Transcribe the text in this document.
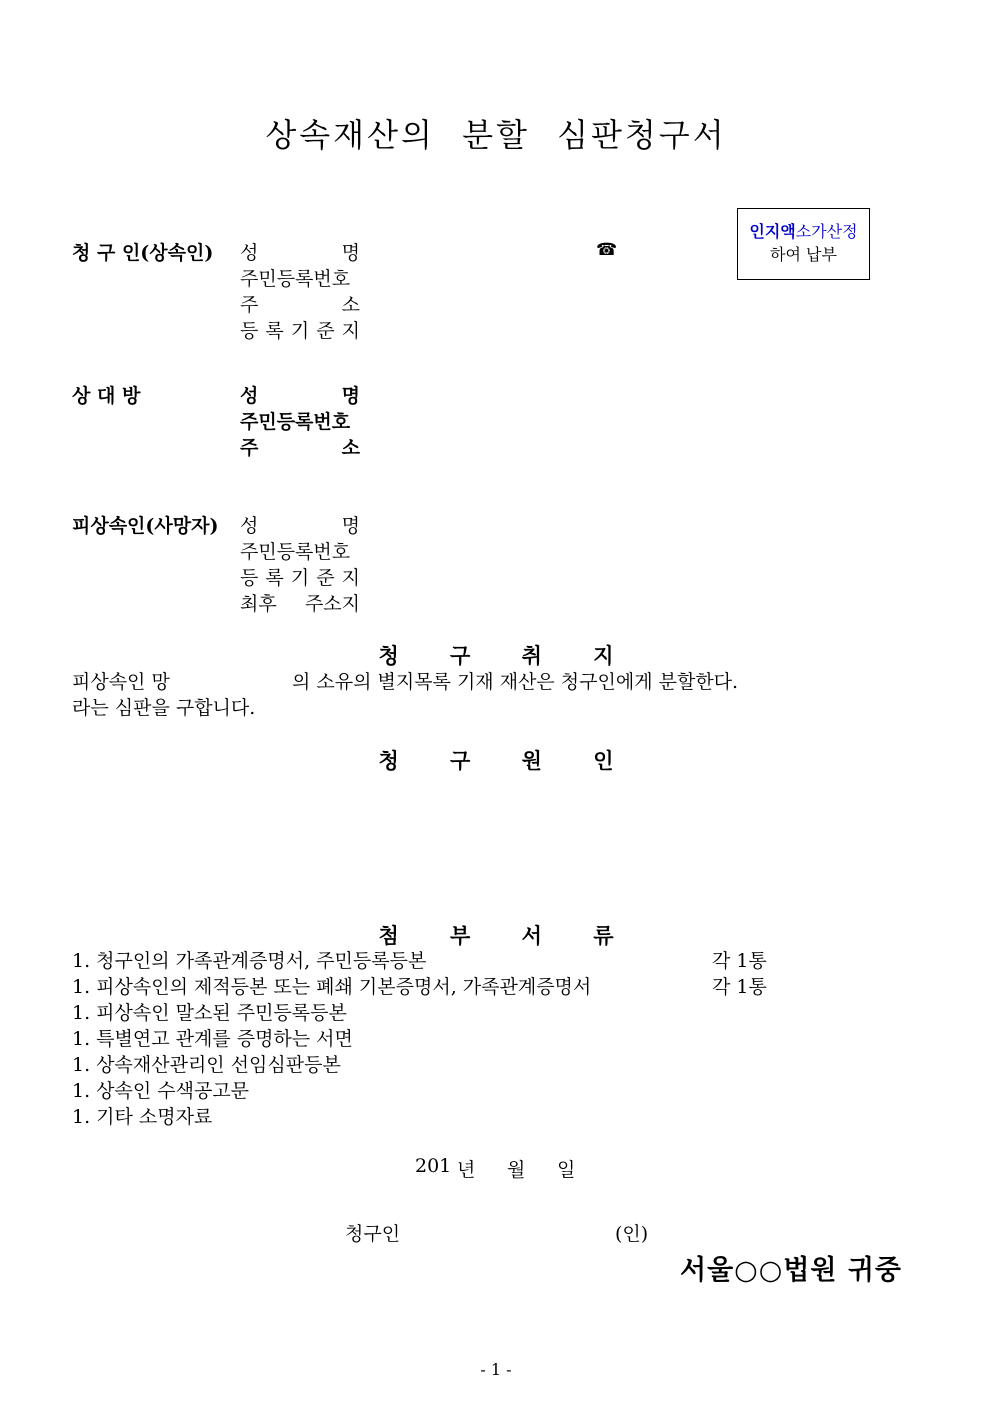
상속재산의 분할 심판청구서
인지액소가산정
하여 납부
청 구 인(상속인)	☎
성	명
주민등록번호
주	소
등 록 기 준 지
상 대 방	성	명
주민등록번호
주	소
피상속인(사망자) 성	명
주민등록번호
등 록 기 준 지
최후 주소지
청 구 취 지
피상속인 망	의 소유의 별지목록 기재 재산은 청구인에게 분할한다.
라는 심판을 구합니다.
청 구 원 인
첨 부 서 류
1. 청구인의 가족관계증명서, 주민등록등본	각 1통
1. 피상속인의 제적등본 또는 폐쇄 기본증명서, 가족관계증명서	각 1통
1. 피상속인 말소된 주민등록등본
1. 특별연고 관계를 증명하는 서면
1. 상속재산관리인 선임심판등본
1. 상속인 수색공고문
1. 기타 소명자료
201 년 월 일
청구인	(인)
서울○○법원 귀중
- 1 -
